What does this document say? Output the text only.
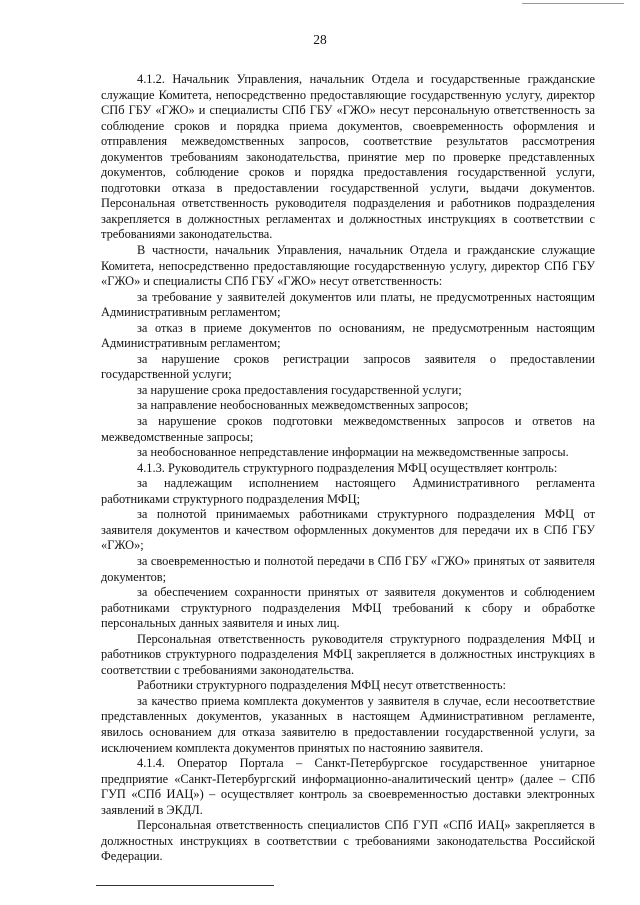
28

4.1.2. Начальник Управления, начальник Отдела и государственные гражданские служащие Комитета, непосредственно предоставляющие государственную услугу, директор СПб ГБУ «ГЖО» и специалисты СПб ГБУ «ГЖО» несут персональную ответственность за соблюдение сроков и порядка приема документов, своевременность оформления и отправления межведомственных запросов, соответствие результатов рассмотрения документов требованиям законодательства, принятие мер по проверке представленных документов, соблюдение сроков и порядка предоставления государственной услуги, подготовки отказа в предоставлении государственной услуги, выдачи документов. Персональная ответственность руководителя подразделения и работников подразделения закрепляется в должностных регламентах и должностных инструкциях в соответствии с требованиями законодательства.

В частности, начальник Управления, начальник Отдела и гражданские служащие Комитета, непосредственно предоставляющие государственную услугу, директор СПб ГБУ «ГЖО» и специалисты СПб ГБУ «ГЖО» несут ответственность:

за требование у заявителей документов или платы, не предусмотренных настоящим Административным регламентом;

за отказ в приеме документов по основаниям, не предусмотренным настоящим Административным регламентом;

за нарушение сроков регистрации запросов заявителя о предоставлении государственной услуги;

за нарушение срока предоставления государственной услуги;

за направление необоснованных межведомственных запросов;

за нарушение сроков подготовки межведомственных запросов и ответов на межведомственные запросы;

за необоснованное непредставление информации на межведомственные запросы.

4.1.3. Руководитель структурного подразделения МФЦ осуществляет контроль:

за надлежащим исполнением настоящего Административного регламента работниками структурного подразделения МФЦ;

за полнотой принимаемых работниками структурного подразделения МФЦ от заявителя документов и качеством оформленных документов для передачи их в СПб ГБУ «ГЖО»;

за своевременностью и полнотой передачи в СПб ГБУ «ГЖО» принятых от заявителя документов;

за обеспечением сохранности принятых от заявителя документов и соблюдением работниками структурного подразделения МФЦ требований к сбору и обработке персональных данных заявителя и иных лиц.

Персональная ответственность руководителя структурного подразделения МФЦ и работников структурного подразделения МФЦ закрепляется в должностных инструкциях в соответствии с требованиями законодательства.

Работники структурного подразделения МФЦ несут ответственность:

за качество приема комплекта документов у заявителя в случае, если несоответствие представленных документов, указанных в настоящем Административном регламенте, явилось основанием для отказа заявителю в предоставлении государственной услуги, за исключением комплекта документов принятых по настоянию заявителя.

4.1.4. Оператор Портала – Санкт-Петербургское государственное унитарное предприятие «Санкт-Петербургский информационно-аналитический центр» (далее – СПб ГУП «СПб ИАЦ») – осуществляет контроль за своевременностью доставки электронных заявлений в ЭКДЛ.

Персональная ответственность специалистов СПб ГУП «СПб ИАЦ» закрепляется в должностных инструкциях в соответствии с требованиями законодательства Российской Федерации.
